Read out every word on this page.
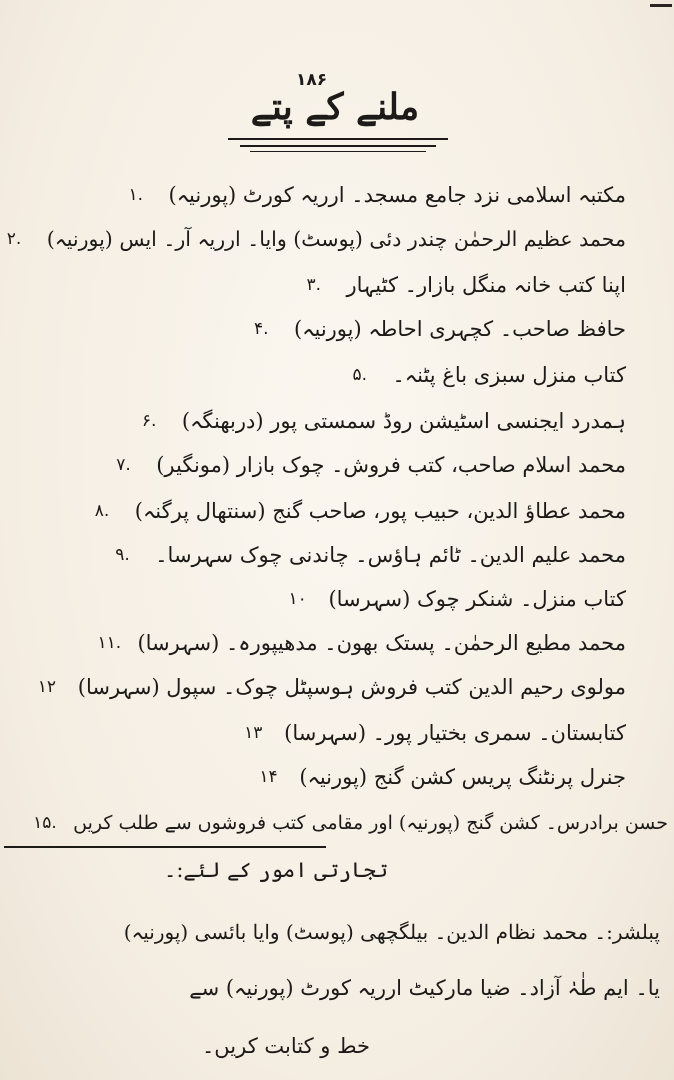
۱۸۶
ملنے کے پتے
۱.	مکتبہ اسلامی نزد جامع مسجد۔ ارریہ کورٹ (پورنیہ)
۲.	محمد عظیم الرحمٰن چندر دئی (پوسٹ) وایا۔ ارریہ آر۔ ایس (پورنیہ)
۳.	اپنا کتب خانہ منگل بازار۔ کٹیہار
۴.	حافظ صاحب۔ کچہری احاطہ (پورنیہ)
۵.	کتاب منزل سبزی باغ پٹنہ۔
۶.	ہمدرد ایجنسی اسٹیشن روڈ سمستی پور (دربھنگہ)
۷.	محمد اسلام صاحب، کتب فروش۔ چوک بازار (مونگیر)
۸.	محمد عطاؤ الدین، حبیب پور، صاحب گنج (سنتھال پرگنہ)
۹.	محمد علیم الدین۔ ٹائم ہاؤس۔ چاندنی چوک سہرسا۔
۱۰	کتاب منزل۔ شنکر چوک (سہرسا)
۱۱. محمد مطیع الرحمٰن۔ پستک بھون۔ مدھیپورہ۔ (سہرسا)
۱۲	مولوی رحیم الدین کتب فروش ہوسپٹل چوک۔ سپول (سہرسا)
۱۳	کتابستان۔ سمری بختیار پور۔ (سہرسا)
۱۴	جنرل پرنٹنگ پریس کشن گنج (پورنیہ)
۱۵. حسن برادرس۔ کشن گنج (پورنیہ) اور مقامی کتب فروشوں سے طلب کریں
تجارتی امور کے لئے:۔
پبلشر:۔ محمد نظام الدین۔ بیلگچھی (پوسٹ) وایا بائسی (پورنیہ)
یا۔ ایم طٰہٰ آزاد۔ ضیا مارکیٹ ارریہ کورٹ (پورنیہ) سے
خط و کتابت کریں۔
